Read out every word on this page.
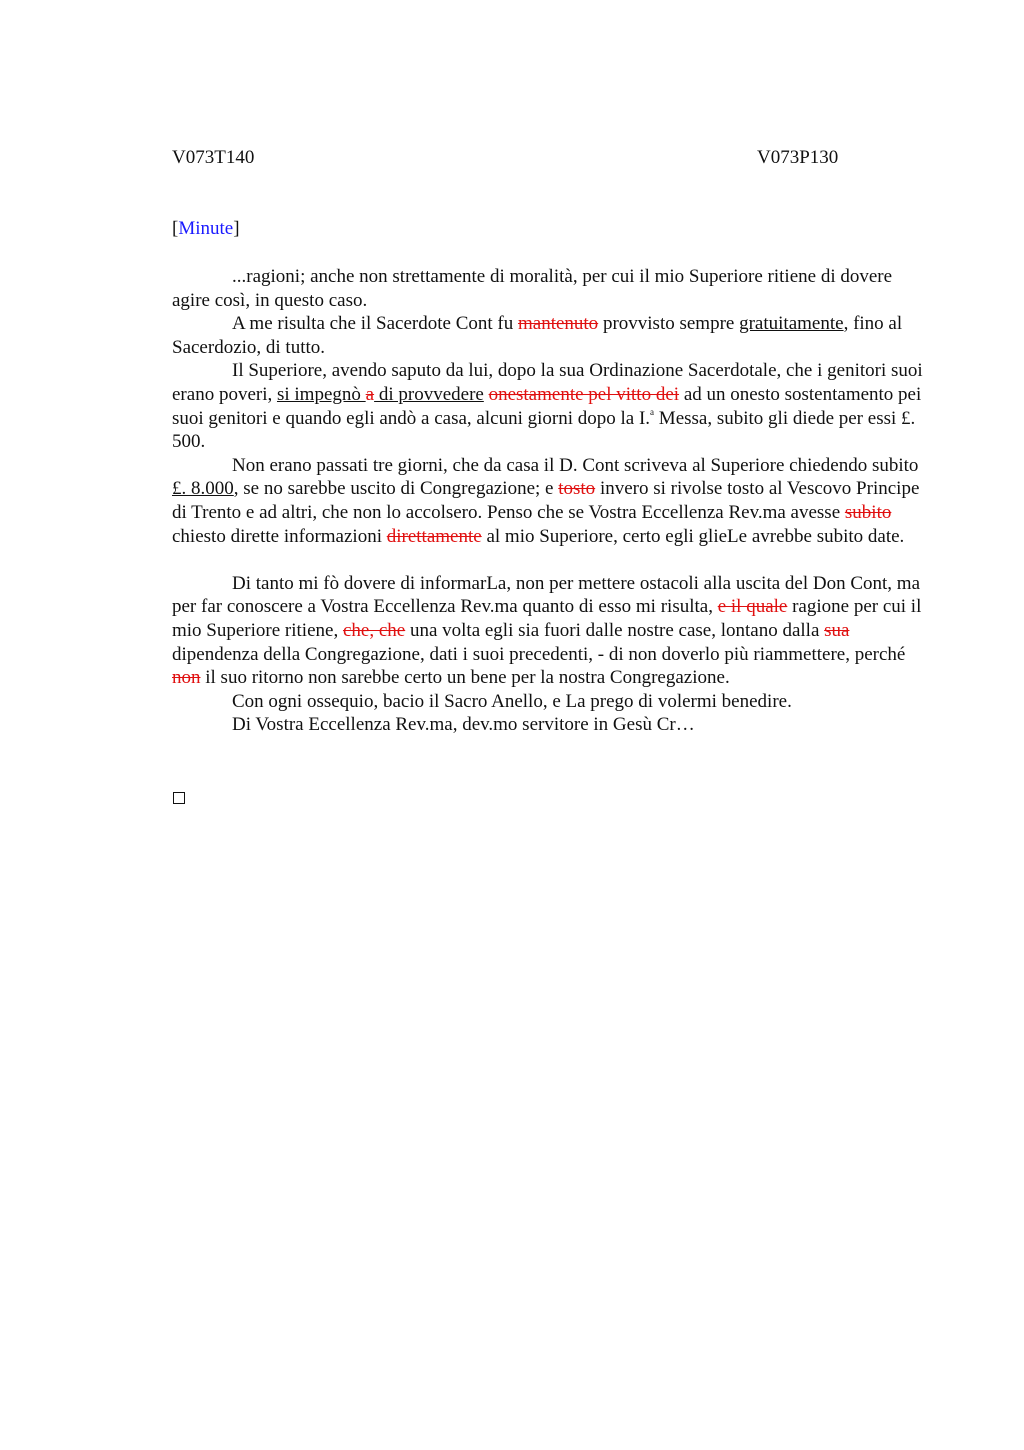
V073T140	V073P130
[Minute]

...ragioni; anche non strettamente di moralità, per cui il mio Superiore ritiene di dovere agire così, in questo caso.

A me risulta che il Sacerdote Cont fu mantenuto provvisto sempre gratuitamente, fino al Sacerdozio, di tutto.

Il Superiore, avendo saputo da lui, dopo la sua Ordinazione Sacerdotale, che i genitori suoi erano poveri, si impegnò a di provvedere onestamente pel vitto dei ad un onesto sostentamento pei suoi genitori e quando egli andò a casa, alcuni giorni dopo la I.$^a$ Messa, subito gli diede per essi £. 500.

Non erano passati tre giorni, che da casa il D. Cont scriveva al Superiore chiedendo subito £. 8.000, se no sarebbe uscito di Congregazione; e tosto invero si rivolse tosto al Vescovo Principe di Trento e ad altri, che non lo accolsero. Penso che se Vostra Eccellenza Rev.ma avesse subito chiesto dirette informazioni direttamente al mio Superiore, certo egli glieLe avrebbe subito date.

Di tanto mi fò dovere di informarLa, non per mettere ostacoli alla uscita del Don Cont, ma per far conoscere a Vostra Eccellenza Rev.ma quanto di esso mi risulta, e il quale ragione per cui il mio Superiore ritiene, che, che una volta egli sia fuori dalle nostre case, lontano dalla sua dipendenza della Congregazione, dati i suoi precedenti, - di non doverlo più riammettere, perché non il suo ritorno non sarebbe certo un bene per la nostra Congregazione.

Con ogni ossequio, bacio il Sacro Anello, e La prego di volermi benedire.

Di Vostra Eccellenza Rev.ma, dev.mo servitore in Gesù Cr…
